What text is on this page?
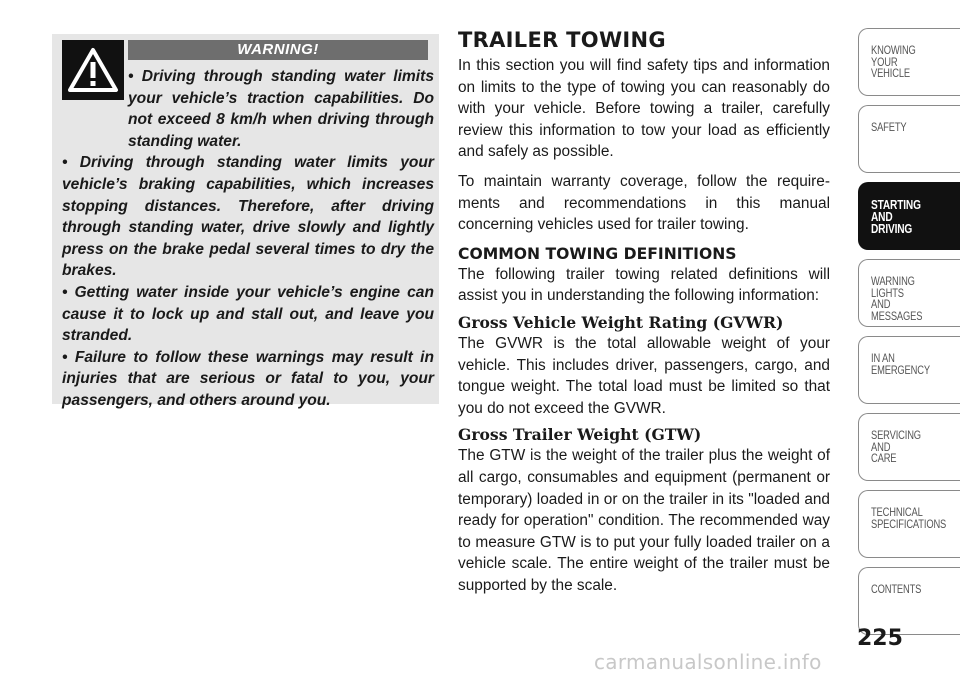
WARNING!

• Driving through standing water limits your vehicle’s traction capabilities. Do not exceed 8 km/h when driving through standing water.

• Driving through standing water limits your vehicle’s braking capabilities, which increases stopping distances. Therefore, after driving through standing water, drive slowly and lightly press on the brake pedal several times to dry the brakes.

• Getting water inside your vehicle’s engine can cause it to lock up and stall out, and leave you stranded.

• Failure to follow these warnings may result in injuries that are serious or fatal to you, your passengers, and others around you.

TRAILER TOWING

In this section you will find safety tips and information on limits to the type of towing you can reasonably do with your vehicle. Before towing a trailer, carefully review this information to tow your load as efficiently and safely as possible.

To maintain warranty coverage, follow the require-ments and recommendations in this manual concerning vehicles used for trailer towing.

COMMON TOWING DEFINITIONS

The following trailer towing related definitions will assist you in understanding the following information:

Gross Vehicle Weight Rating (GVWR)

The GVWR is the total allowable weight of your vehicle. This includes driver, passengers, cargo, and tongue weight. The total load must be limited so that you do not exceed the GVWR.

Gross Trailer Weight (GTW)

The GTW is the weight of the trailer plus the weight of all cargo, consumables and equipment (permanent or temporary) loaded in or on the trailer in its "loaded and ready for operation" condition. The recommended way to measure GTW is to put your fully loaded trailer on a vehicle scale. The entire weight of the trailer must be supported by the scale.

KNOWING
YOUR
VEHICLE
SAFETY
STARTING
AND
DRIVING
WARNING
LIGHTS
AND
MESSAGES
IN AN
EMERGENCY
SERVICING
AND
CARE
TECHNICAL
SPECIFICATIONS
CONTENTS
225
carmanualsonline.info
